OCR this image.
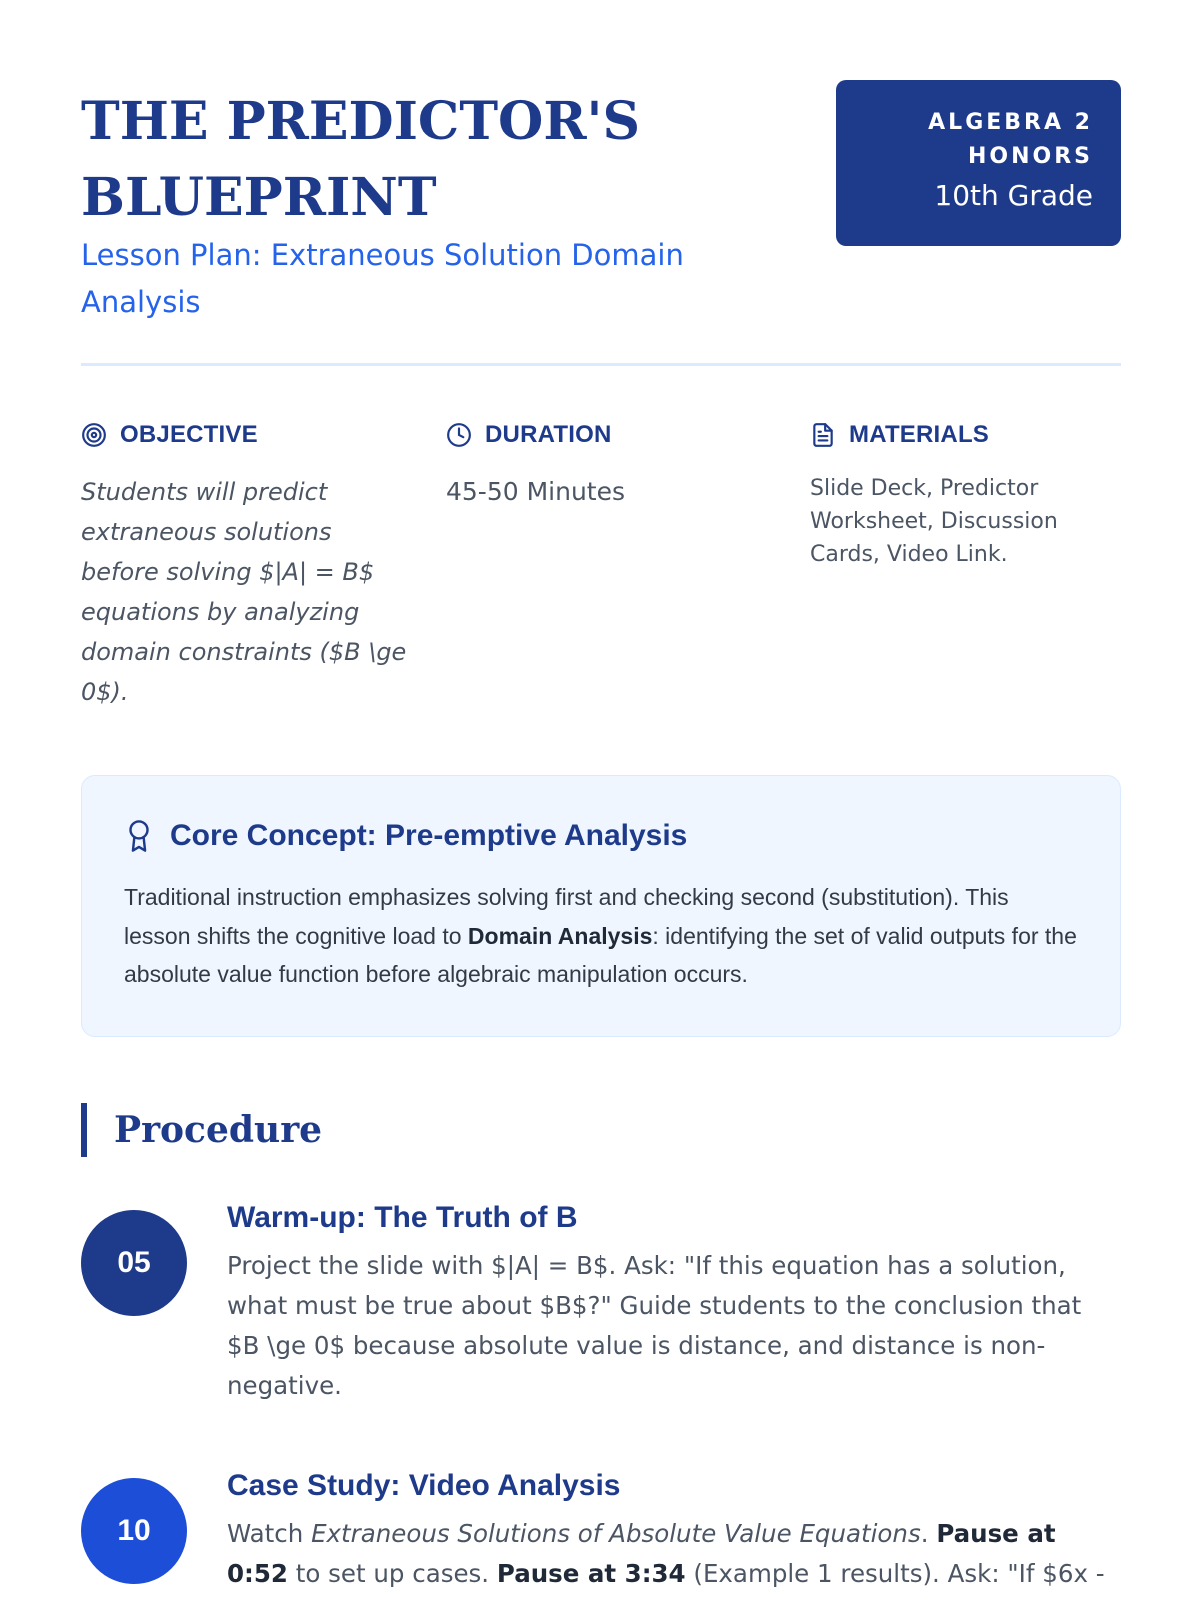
THE PREDICTOR'S BLUEPRINT
Lesson Plan: Extraneous Solution Domain Analysis
ALGEBRA 2 HONORS
10th Grade
OBJECTIVE
Students will predict extraneous solutions before solving $|A| = B$ equations by analyzing domain constraints ($B \ge 0$).
DURATION
45-50 Minutes
MATERIALS
Slide Deck, Predictor Worksheet, Discussion Cards, Video Link.
Core Concept: Pre-emptive Analysis
Traditional instruction emphasizes solving first and checking second (substitution). This lesson shifts the cognitive load to Domain Analysis: identifying the set of valid outputs for the absolute value function before algebraic manipulation occurs.
Procedure
05
Warm-up: The Truth of B
Project the slide with $|A| = B$. Ask: "If this equation has a solution, what must be true about $B$?" Guide students to the conclusion that $B \ge 0$ because absolute value is distance, and distance is non-negative.
10
Case Study: Video Analysis
Watch Extraneous Solutions of Absolute Value Equations. Pause at 0:52 to set up cases. Pause at 3:34 (Example 1 results). Ask: "If $6x -
